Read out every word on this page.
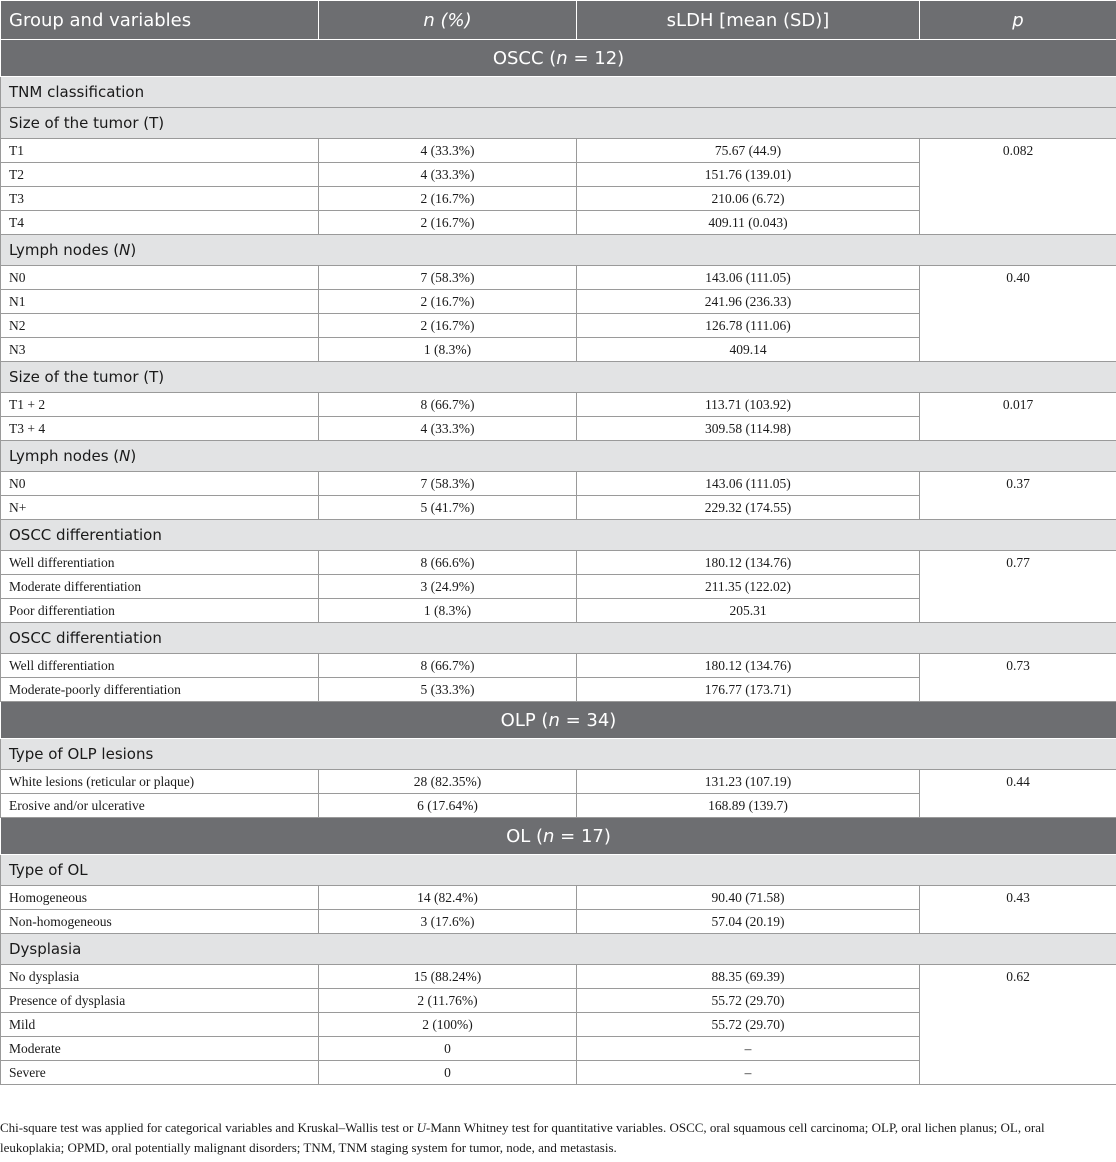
Group and variables	n (%)	sLDH [mean (SD)]	p
OSCC (n = 12)			
TNM classification			
Size of the tumor (T)			
T1	4 (33.3%)	75.67 (44.9)	0.082
T2	4 (33.3%)	151.76 (139.01)	
T3	2 (16.7%)	210.06 (6.72)	
T4	2 (16.7%)	409.11 (0.043)	
Lymph nodes (N)			
N0	7 (58.3%)	143.06 (111.05)	0.40
N1	2 (16.7%)	241.96 (236.33)	
N2	2 (16.7%)	126.78 (111.06)	
N3	1 (8.3%)	409.14	
Size of the tumor (T)			
T1 + 2	8 (66.7%)	113.71 (103.92)	0.017
T3 + 4	4 (33.3%)	309.58 (114.98)	
Lymph nodes (N)			
N0	7 (58.3%)	143.06 (111.05)	0.37
N+	5 (41.7%)	229.32 (174.55)	
OSCC differentiation			
Well differentiation	8 (66.6%)	180.12 (134.76)	0.77
Moderate differentiation	3 (24.9%)	211.35 (122.02)	
Poor differentiation	1 (8.3%)	205.31	
OSCC differentiation			
Well differentiation	8 (66.7%)	180.12 (134.76)	0.73
Moderate-poorly differentiation	5 (33.3%)	176.77 (173.71)	
OLP (n = 34)			
Type of OLP lesions			
White lesions (reticular or plaque)	28 (82.35%)	131.23 (107.19)	0.44
Erosive and/or ulcerative	6 (17.64%)	168.89 (139.7)	
OL (n = 17)			
Type of OL			
Homogeneous	14 (82.4%)	90.40 (71.58)	0.43
Non-homogeneous	3 (17.6%)	57.04 (20.19)	
Dysplasia			
No dysplasia	15 (88.24%)	88.35 (69.39)	0.62
Presence of dysplasia	2 (11.76%)	55.72 (29.70)	
Mild	2 (100%)	55.72 (29.70)	
Moderate	0	–	
Severe	0	–	
Chi-square test was applied for categorical variables and Kruskal–Wallis test or U-Mann Whitney test for quantitative variables. OSCC, oral squamous cell carcinoma; OLP, oral lichen planus; OL, oral leukoplakia; OPMD, oral potentially malignant disorders; TNM, TNM staging system for tumor, node, and metastasis.
